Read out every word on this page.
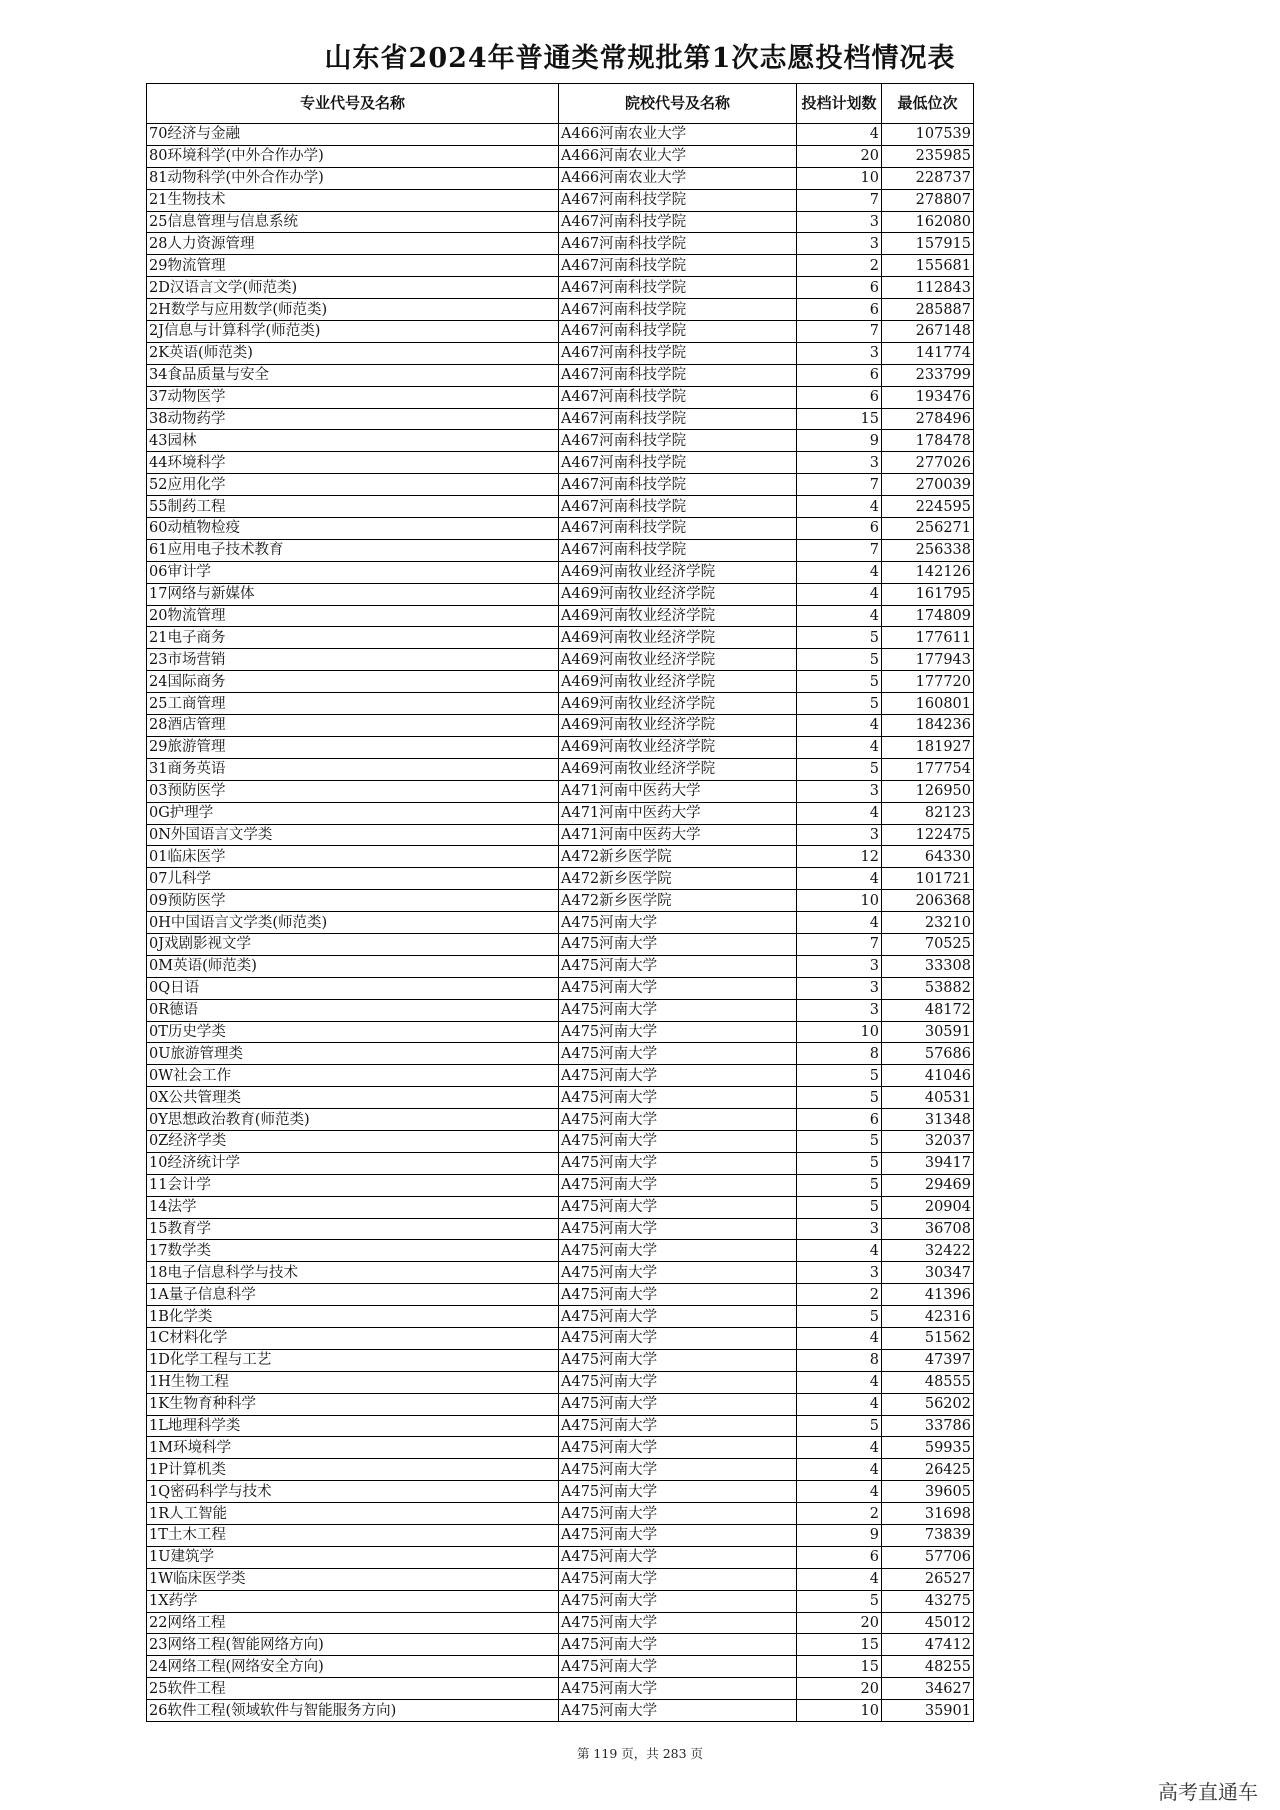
山东省2024年普通类常规批第1次志愿投档情况表
专业代号及名称	院校代号及名称	投档计划数	最低位次
70经济与金融	A466河南农业大学	4	107539
80环境科学(中外合作办学)	A466河南农业大学	20	235985
81动物科学(中外合作办学)	A466河南农业大学	10	228737
21生物技术	A467河南科技学院	7	278807
25信息管理与信息系统	A467河南科技学院	3	162080
28人力资源管理	A467河南科技学院	3	157915
29物流管理	A467河南科技学院	2	155681
2D汉语言文学(师范类)	A467河南科技学院	6	112843
2H数学与应用数学(师范类)	A467河南科技学院	6	285887
2J信息与计算科学(师范类)	A467河南科技学院	7	267148
2K英语(师范类)	A467河南科技学院	3	141774
34食品质量与安全	A467河南科技学院	6	233799
37动物医学	A467河南科技学院	6	193476
38动物药学	A467河南科技学院	15	278496
43园林	A467河南科技学院	9	178478
44环境科学	A467河南科技学院	3	277026
52应用化学	A467河南科技学院	7	270039
55制药工程	A467河南科技学院	4	224595
60动植物检疫	A467河南科技学院	6	256271
61应用电子技术教育	A467河南科技学院	7	256338
06审计学	A469河南牧业经济学院	4	142126
17网络与新媒体	A469河南牧业经济学院	4	161795
20物流管理	A469河南牧业经济学院	4	174809
21电子商务	A469河南牧业经济学院	5	177611
23市场营销	A469河南牧业经济学院	5	177943
24国际商务	A469河南牧业经济学院	5	177720
25工商管理	A469河南牧业经济学院	5	160801
28酒店管理	A469河南牧业经济学院	4	184236
29旅游管理	A469河南牧业经济学院	4	181927
31商务英语	A469河南牧业经济学院	5	177754
03预防医学	A471河南中医药大学	3	126950
0G护理学	A471河南中医药大学	4	82123
0N外国语言文学类	A471河南中医药大学	3	122475
01临床医学	A472新乡医学院	12	64330
07儿科学	A472新乡医学院	4	101721
09预防医学	A472新乡医学院	10	206368
0H中国语言文学类(师范类)	A475河南大学	4	23210
0J戏剧影视文学	A475河南大学	7	70525
0M英语(师范类)	A475河南大学	3	33308
0Q日语	A475河南大学	3	53882
0R德语	A475河南大学	3	48172
0T历史学类	A475河南大学	10	30591
0U旅游管理类	A475河南大学	8	57686
0W社会工作	A475河南大学	5	41046
0X公共管理类	A475河南大学	5	40531
0Y思想政治教育(师范类)	A475河南大学	6	31348
0Z经济学类	A475河南大学	5	32037
10经济统计学	A475河南大学	5	39417
11会计学	A475河南大学	5	29469
14法学	A475河南大学	5	20904
15教育学	A475河南大学	3	36708
17数学类	A475河南大学	4	32422
18电子信息科学与技术	A475河南大学	3	30347
1A量子信息科学	A475河南大学	2	41396
1B化学类	A475河南大学	5	42316
1C材料化学	A475河南大学	4	51562
1D化学工程与工艺	A475河南大学	8	47397
1H生物工程	A475河南大学	4	48555
1K生物育种科学	A475河南大学	4	56202
1L地理科学类	A475河南大学	5	33786
1M环境科学	A475河南大学	4	59935
1P计算机类	A475河南大学	4	26425
1Q密码科学与技术	A475河南大学	4	39605
1R人工智能	A475河南大学	2	31698
1T土木工程	A475河南大学	9	73839
1U建筑学	A475河南大学	6	57706
1W临床医学类	A475河南大学	4	26527
1X药学	A475河南大学	5	43275
22网络工程	A475河南大学	20	45012
23网络工程(智能网络方向)	A475河南大学	15	47412
24网络工程(网络安全方向)	A475河南大学	15	48255
25软件工程	A475河南大学	20	34627
26软件工程(领域软件与智能服务方向)	A475河南大学	10	35901
第 119 页，共 283 页
高考直通车
